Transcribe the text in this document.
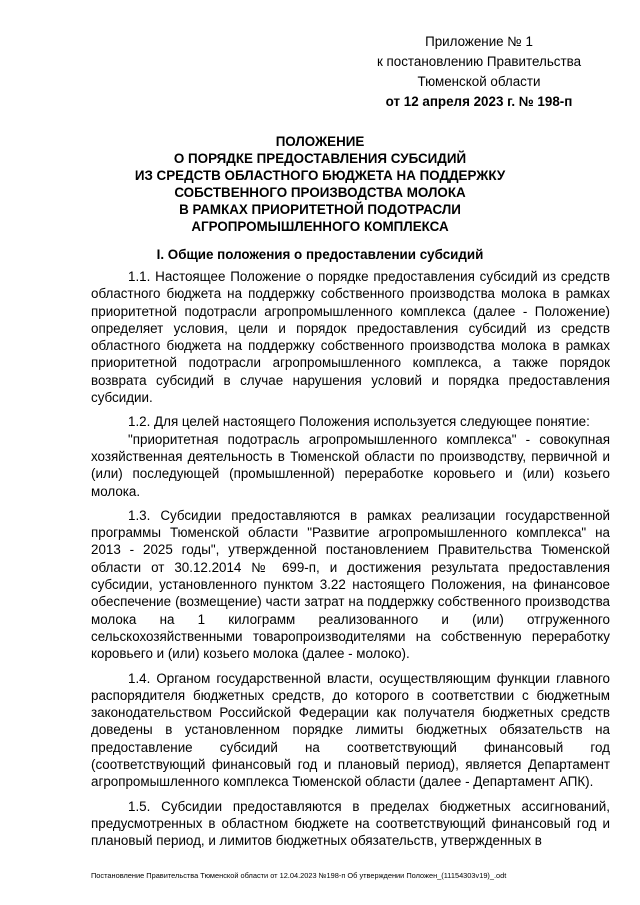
Приложение № 1
к постановлению Правительства
Тюменской области
от 12 апреля 2023 г. № 198-п
ПОЛОЖЕНИЕ
О ПОРЯДКЕ ПРЕДОСТАВЛЕНИЯ СУБСИДИЙ
ИЗ СРЕДСТВ ОБЛАСТНОГО БЮДЖЕТА НА ПОДДЕРЖКУ
СОБСТВЕННОГО ПРОИЗВОДСТВА МОЛОКА
В РАМКАХ ПРИОРИТЕТНОЙ ПОДОТРАСЛИ
АГРОПРОМЫШЛЕННОГО КОМПЛЕКСА
I. Общие положения о предоставлении субсидий

1.1. Настоящее Положение о порядке предоставления субсидий из средств областного бюджета на поддержку собственного производства молока в рамках приоритетной подотрасли агропромышленного комплекса (далее - Положение) определяет условия, цели и порядок предоставления субсидий из средств областного бюджета на поддержку собственного производства молока в рамках приоритетной подотрасли агропромышленного комплекса, а также порядок возврата субсидий в случае нарушения условий и порядка предоставления субсидии.

1.2. Для целей настоящего Положения используется следующее понятие:

"приоритетная подотрасль агропромышленного комплекса" - совокупная хозяйственная деятельность в Тюменской области по производству, первичной и (или) последующей (промышленной) переработке коровьего и (или) козьего молока.

1.3. Субсидии предоставляются в рамках реализации государственной программы Тюменской области "Развитие агропромышленного комплекса" на 2013 - 2025 годы", утвержденной постановлением Правительства Тюменской области от 30.12.2014 № 699-п, и достижения результата предоставления субсидии, установленного пунктом 3.22 настоящего Положения, на финансовое обеспечение (возмещение) части затрат на поддержку собственного производства молока на 1 килограмм реализованного и (или) отгруженного сельскохозяйственными товаропроизводителями на собственную переработку коровьего и (или) козьего молока (далее - молоко).

1.4. Органом государственной власти, осуществляющим функции главного распорядителя бюджетных средств, до которого в соответствии с бюджетным законодательством Российской Федерации как получателя бюджетных средств доведены в установленном порядке лимиты бюджетных обязательств на предоставление субсидий на соответствующий финансовый год (соответствующий финансовый год и плановый период), является Департамент агропромышленного комплекса Тюменской области (далее - Департамент АПК).

1.5. Субсидии предоставляются в пределах бюджетных ассигнований, предусмотренных в областном бюджете на соответствующий финансовый год и плановый период, и лимитов бюджетных обязательств, утвержденных в

Постановление Правительства Тюменской области от 12.04.2023 №198-п Об утверждении Положен_(11154303v19)_.odt
